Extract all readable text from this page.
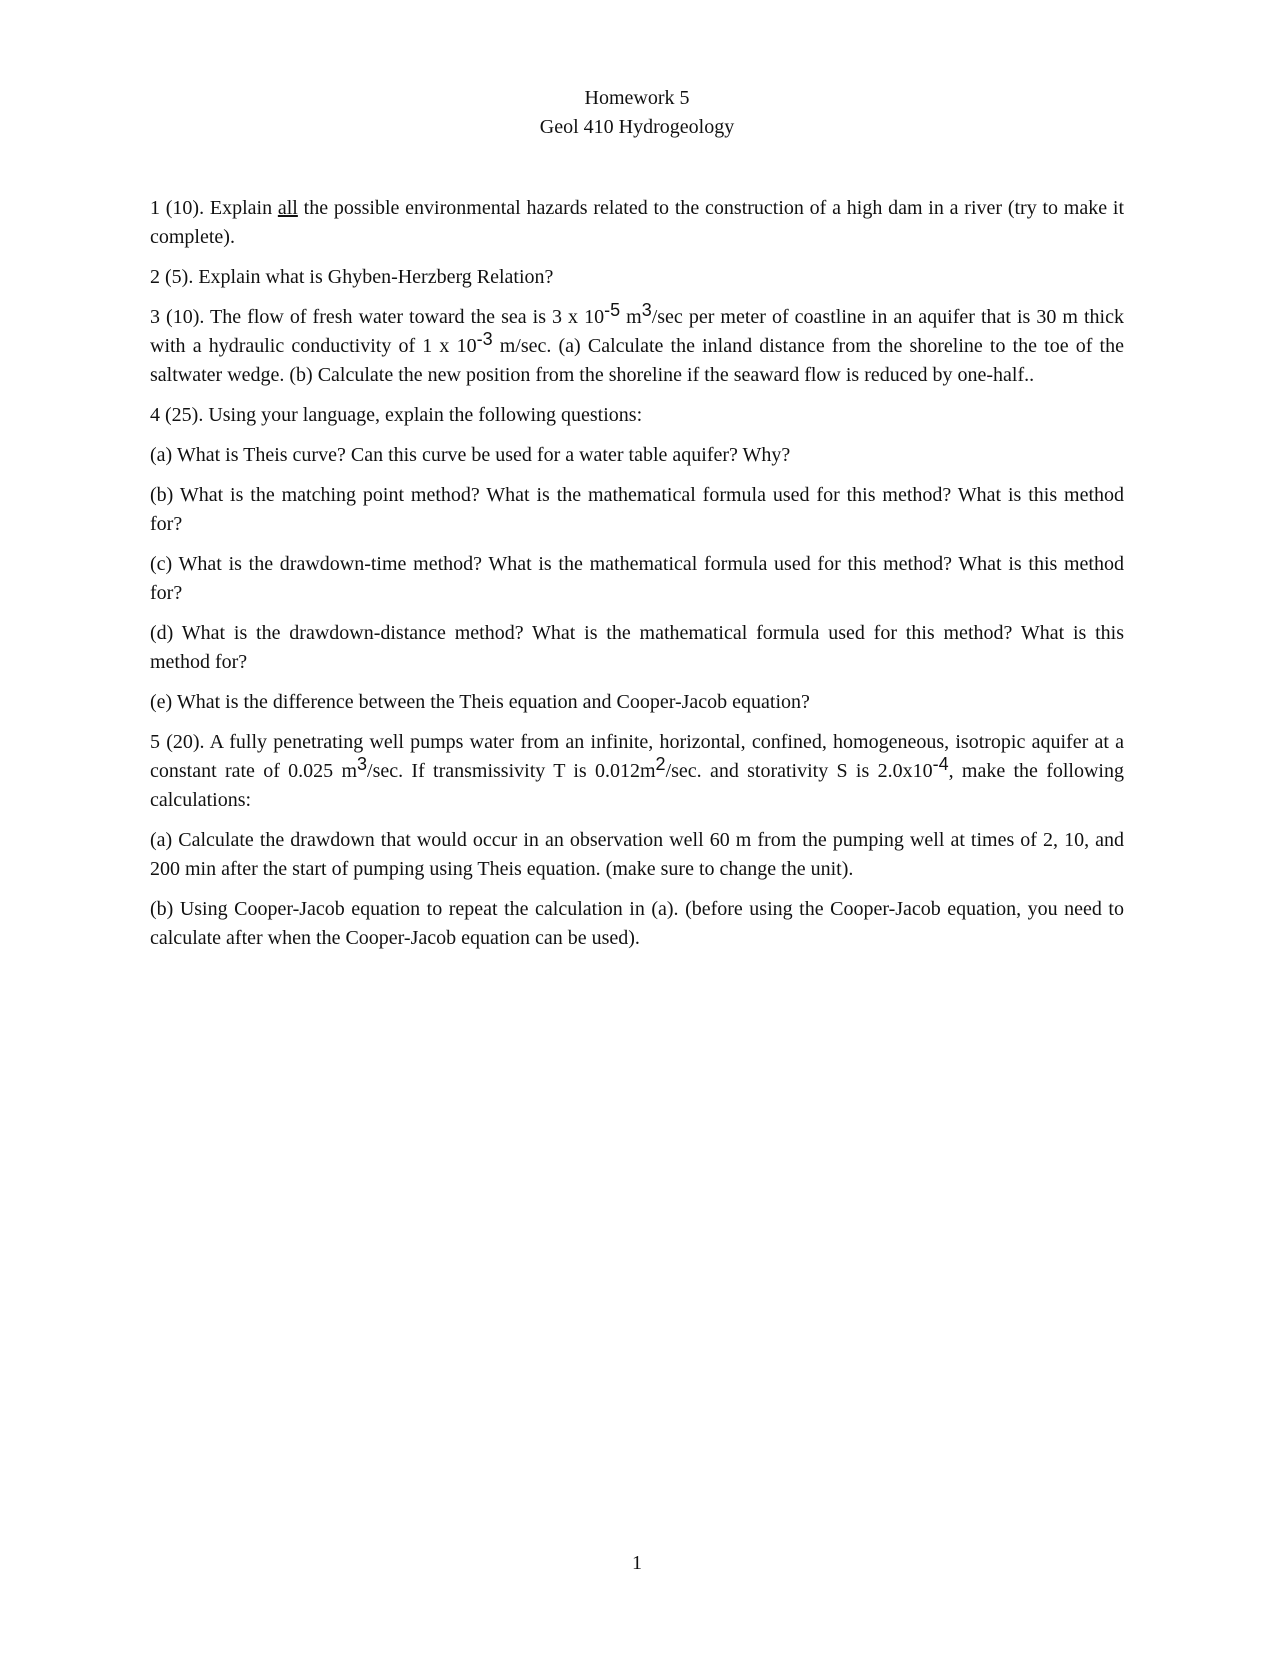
Homework 5
Geol 410 Hydrogeology

1 (10). Explain all the possible environmental hazards related to the construction of a high dam in a river (try to make it complete).

2 (5). Explain what is Ghyben-Herzberg Relation?

3 (10). The flow of fresh water toward the sea is 3 x 10-5 m3/sec per meter of coastline in an aquifer that is 30 m thick with a hydraulic conductivity of 1 x 10-3 m/sec. (a) Calculate the inland distance from the shoreline to the toe of the saltwater wedge. (b) Calculate the new position from the shoreline if the seaward flow is reduced by one-half..

4 (25). Using your language, explain the following questions:

(a) What is Theis curve? Can this curve be used for a water table aquifer? Why?

(b) What is the matching point method? What is the mathematical formula used for this method? What is this method for?

(c) What is the drawdown-time method? What is the mathematical formula used for this method? What is this method for?

(d) What is the drawdown-distance method? What is the mathematical formula used for this method? What is this method for?

(e) What is the difference between the Theis equation and Cooper-Jacob equation?

5 (20). A fully penetrating well pumps water from an infinite, horizontal, confined, homogeneous, isotropic aquifer at a constant rate of 0.025 m3/sec. If transmissivity T is 0.012m2/sec. and storativity S is 2.0x10-4, make the following calculations:

(a) Calculate the drawdown that would occur in an observation well 60 m from the pumping well at times of 2, 10, and 200 min after the start of pumping using Theis equation. (make sure to change the unit).

(b) Using Cooper-Jacob equation to repeat the calculation in (a). (before using the Cooper-Jacob equation, you need to calculate after when the Cooper-Jacob equation can be used).

1
